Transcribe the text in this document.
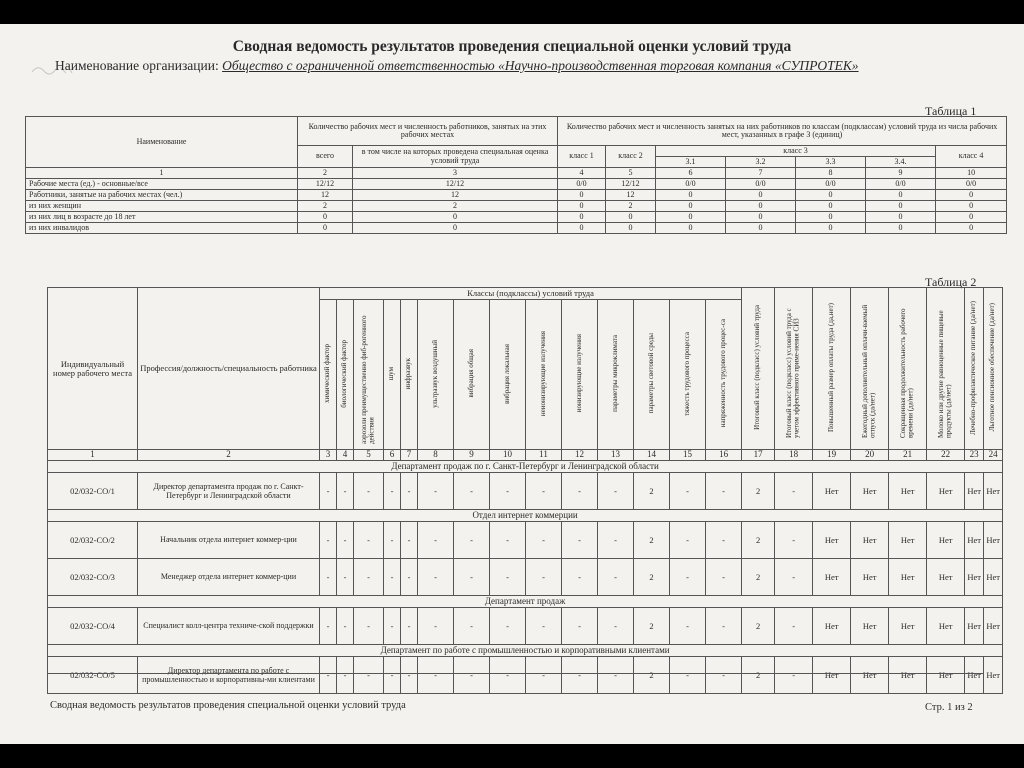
Сводная ведомость результатов проведения специальной оценки условий труда
Наименование организации: Общество с ограниченной ответственностью «Научно-производственная торговая компания «СУПРОТЕК»
Таблица 1
Наименование	Количество рабочих мест и численность работников, занятых на этих рабочих местах		Количество рабочих мест и численность занятых на них работников по классам (подклассам) условий труда из числа рабочих мест, указанных в графе 3 (единиц)						
	всего	в том числе на которых проведена специальная оценка условий труда	класс 1	класс 2	класс 3				класс 4
					3.1	3.2	3.3	3.4.	
1	2	3	4	5	6	7	8	9	10
Рабочие места (ед.) - основные/все	12/12	12/12	0/0	12/12	0/0	0/0	0/0	0/0	0/0
Работники, занятые на рабочих местах (чел.)	12	12	0	12	0	0	0	0	0
из них женщин	2	2	0	2	0	0	0	0	0
из них лиц в возрасте до 18 лет	0	0	0	0	0	0	0	0	0
из них инвалидов	0	0	0	0	0	0	0	0	0
Таблица 2
Индивидуальный номер рабочего места	Профессия/должность/специальность работника	Классы (подклассы) условий труда														Итоговый класс (подкласс) условий труда	Итоговый класс (подкласс) условий труда с учетом эффективного приме-нения СИЗ	Повышенный размер оплаты труда (да,нет)	Ежегодный дополнительный оплачи-ваемый отпуск (да/нет)	Сокращенная продолжительность рабочего времени (да/нет)	Молоко или другие равноценные пищевые продукты (да/нет)	Лечебно-профилактическое питание (да/нет)	Льготное пенсионное обеспечение (да/нет)
		химический фактор	биологический фактор	аэрозоли преимущественно фиб-рогенного действия	шум	инфразвук	ультразвук воздушный	вибрация общая	вибрация локальная	неионизирующие излучения	ионизирующие излучения	параметры микроклимата	параметры световой среды	тяжесть трудового процесса	напряженность трудового процес-са								
1	2	3	4	5	6	7	8	9	10	11	12	13	14	15	16	17	18	19	20	21	22	23	24
Департамент продаж по г. Санкт-Петербург и Ленинградской области																							
02/032-СО/1	Директор департамента продаж по г. Санкт- Петербург и Ленинградской области	-	-	-	-	-	-	-	-	-	-	-	2	-	-	2	-	Нет	Нет	Нет	Нет	Нет	Нет
Отдел интернет коммерции																							
02/032-СО/2	Начальник отдела интернет коммер-ции	-	-	-	-	-	-	-	-	-	-	-	2	-	-	2	-	Нет	Нет	Нет	Нет	Нет	Нет
02/032-СО/3	Менеджер отдела интернет коммер-ции	-	-	-	-	-	-	-	-	-	-	-	2	-	-	2	-	Нет	Нет	Нет	Нет	Нет	Нет
Департамент продаж																							
02/032-СО/4	Специалист колл-центра техниче-ской поддержки	-	-	-	-	-	-	-	-	-	-	-	2	-	-	2	-	Нет	Нет	Нет	Нет	Нет	Нет
Департамент по работе с промышленностью и корпоративными клиентами																							
02/032-СО/5	Директор департамента по работе с промышленностью и корпоративны-ми клиентами	-	-	-	-	-	-	-	-	-	-	-	2	-	-	2	-	Нет	Нет	Нет	Нет	Нет	Нет
Сводная ведомость результатов проведения специальной оценки условий труда	Стр. 1 из 2
